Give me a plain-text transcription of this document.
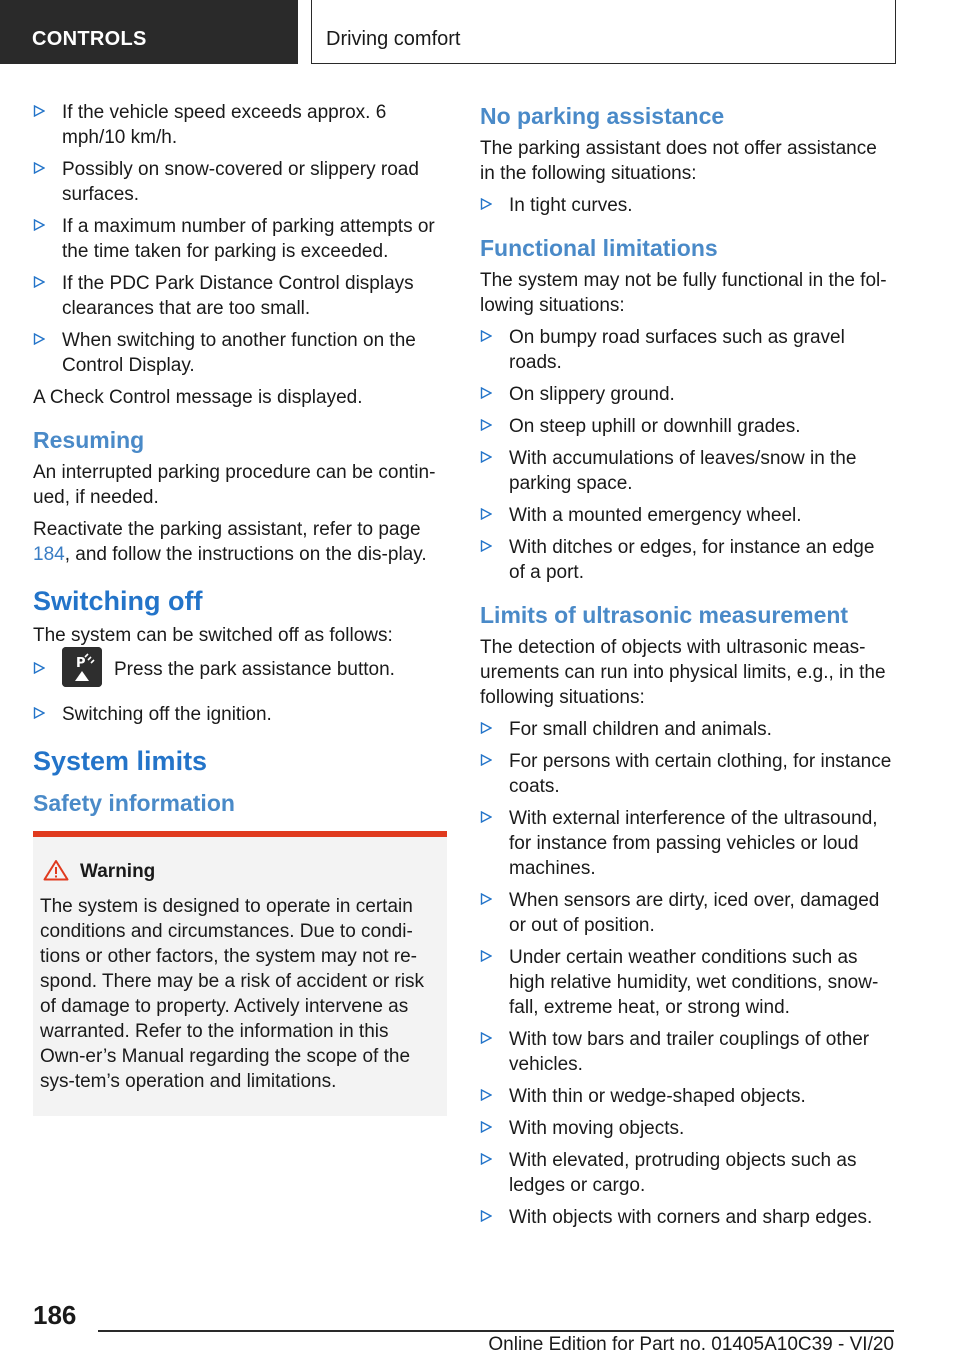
CONTROLS	Driving comfort
If the vehicle speed exceeds approx. 6 mph/10 km/h.
Possibly on snow-covered or slippery road surfaces.
If a maximum number of parking attempts or the time taken for parking is exceeded.
If the PDC Park Distance Control displays clearances that are too small.
When switching to another function on the Control Display.

A Check Control message is displayed.

Resuming

An interrupted parking procedure can be contin‐ued, if needed.

Reactivate the parking assistant, refer to page 184, and follow the instructions on the dis‐play.

Switching off

The system can be switched off as follows:

P Press the park assistance button.
Switching off the ignition.
System limits
Safety information
Warning
The system is designed to operate in certain conditions and circumstances. Due to condi‐tions or other factors, the system may not re‐spond. There may be a risk of accident or risk of damage to property. Actively intervene as warranted. Refer to the information in this Own‐er’s Manual regarding the scope of the sys‐tem’s operation and limitations.
No parking assistance

The parking assistant does not offer assistance in the following situations:

In tight curves.
Functional limitations

The system may not be fully functional in the fol‐lowing situations:

On bumpy road surfaces such as gravel roads.
On slippery ground.
On steep uphill or downhill grades.
With accumulations of leaves/snow in the parking space.
With a mounted emergency wheel.
With ditches or edges, for instance an edge of a port.
Limits of ultrasonic measurement

The detection of objects with ultrasonic meas‐urements can run into physical limits, e.g., in the following situations:

For small children and animals.
For persons with certain clothing, for instance coats.
With external interference of the ultrasound, for instance from passing vehicles or loud machines.
When sensors are dirty, iced over, damaged or out of position.
Under certain weather conditions such as high relative humidity, wet conditions, snow‐fall, extreme heat, or strong wind.
With tow bars and trailer couplings of other vehicles.
With thin or wedge-shaped objects.
With moving objects.
With elevated, protruding objects such as ledges or cargo.
With objects with corners and sharp edges.
186
Online Edition for Part no. 01405A10C39 - VI/20
